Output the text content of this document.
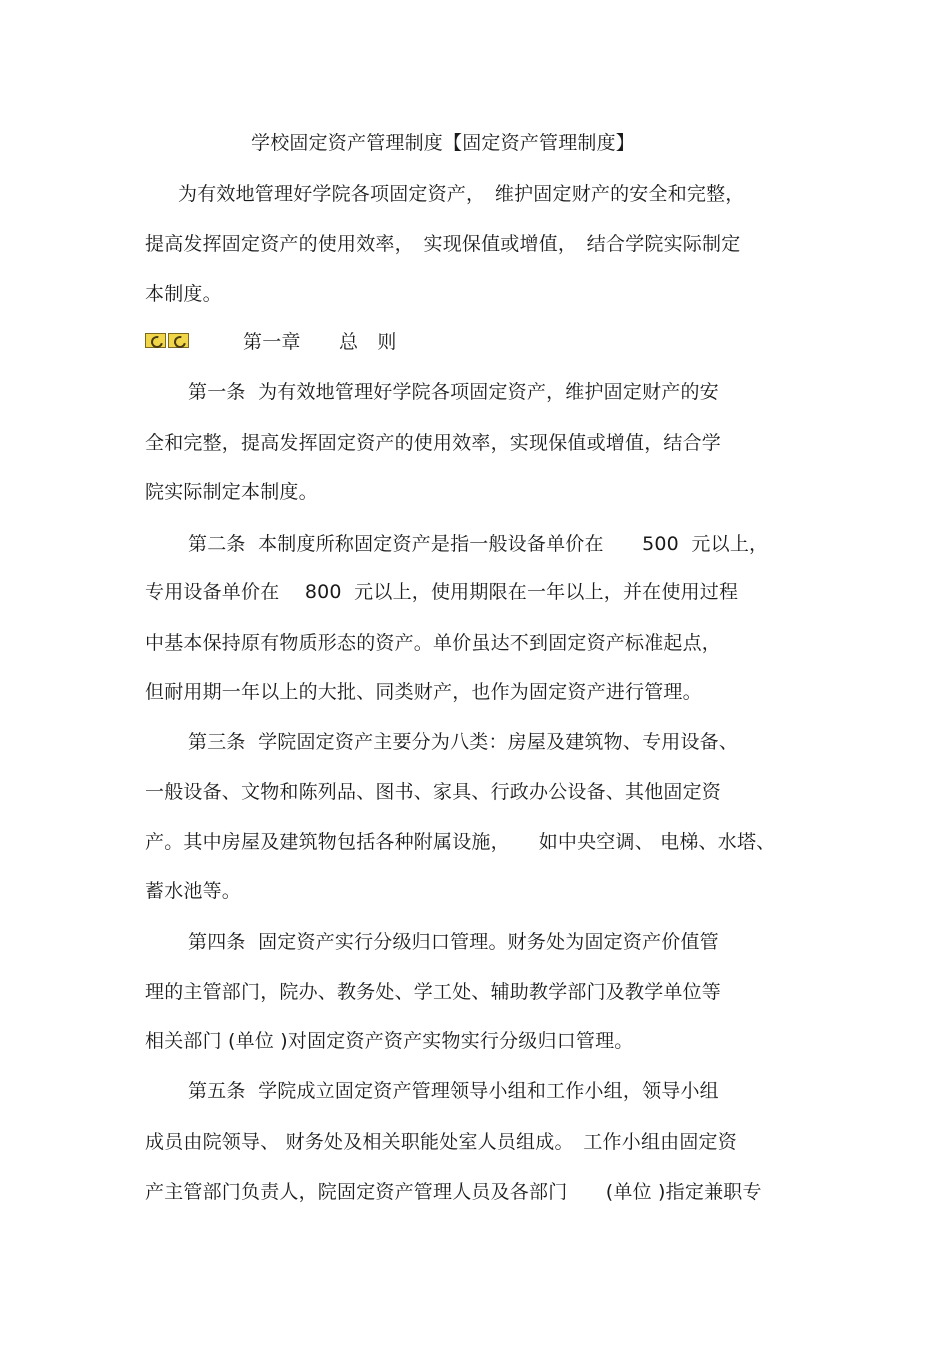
学校固定资产管理制度【固定资产管理制度】
为有效地管理好学院各项固定资产，　维护固定财产的安全和完整，
提高发挥固定资产的使用效率，　实现保值或增值，　结合学院实际制定
本制度。
第一章　　总　则
第一条  为有效地管理好学院各项固定资产，维护固定财产的安
全和完整，提高发挥固定资产的使用效率，实现保值或增值，结合学
院实际制定本制度。
第二条  本制度所称固定资产是指一般设备单价在　　500  元以上，
专用设备单价在　 800  元以上，使用期限在一年以上，并在使用过程
中基本保持原有物质形态的资产。单价虽达不到固定资产标准起点，
但耐用期一年以上的大批、同类财产，也作为固定资产进行管理。
第三条  学院固定资产主要分为八类：房屋及建筑物、专用设备、
一般设备、文物和陈列品、图书、家具、行政办公设备、其他固定资
产。其中房屋及建筑物包括各种附属设施，　　如中央空调、 电梯、水塔、
蓄水池等。
第四条  固定资产实行分级归口管理。财务处为固定资产价值管
理的主管部门，院办、教务处、学工处、辅助教学部门及教学单位等
相关部门 (单位 )对固定资产资产实物实行分级归口管理。
第五条  学院成立固定资产管理领导小组和工作小组，领导小组
成员由院领导、 财务处及相关职能处室人员组成。　工作小组由固定资
产主管部门负责人，院固定资产管理人员及各部门　　(单位 )指定兼职专
